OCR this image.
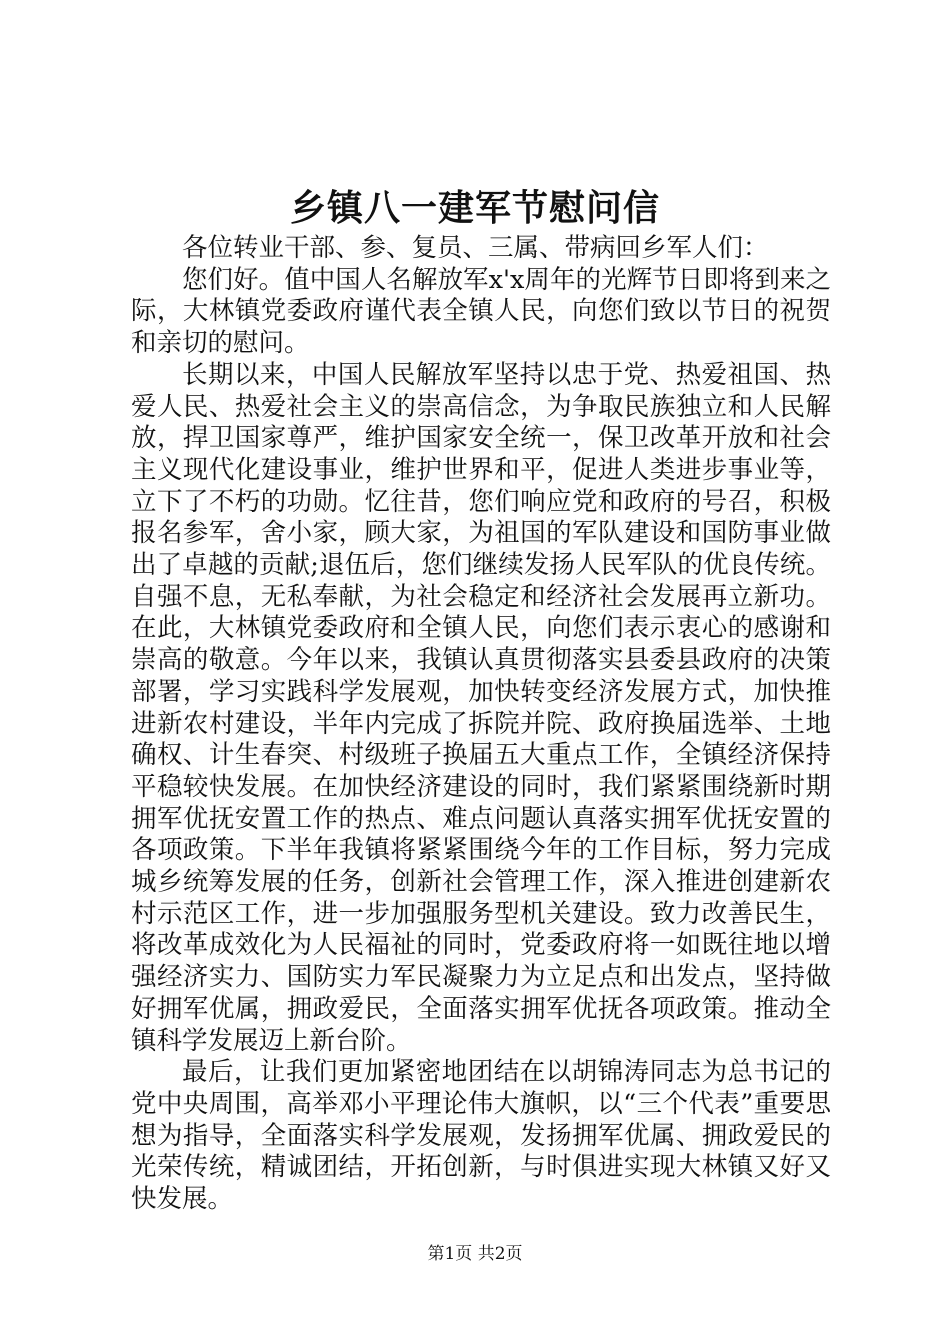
乡镇八一建军节慰问信

各位转业干部、参、复员、三属、带病回乡军人们：

您们好。值中国人名解放军x'x周年的光辉节日即将到来之际，大林镇党委政府谨代表全镇人民，向您们致以节日的祝贺和亲切的慰问。

长期以来，中国人民解放军坚持以忠于党、热爱祖国、热爱人民、热爱社会主义的崇高信念，为争取民族独立和人民解放，捍卫国家尊严，维护国家安全统一，保卫改革开放和社会主义现代化建设事业，维护世界和平，促进人类进步事业等，立下了不朽的功勋。忆往昔，您们响应党和政府的号召，积极报名参军，舍小家，顾大家，为祖国的军队建设和国防事业做出了卓越的贡献;退伍后，您们继续发扬人民军队的优良传统。自强不息，无私奉献，为社会稳定和经济社会发展再立新功。在此，大林镇党委政府和全镇人民，向您们表示衷心的感谢和崇高的敬意。今年以来，我镇认真贯彻落实县委县政府的决策部署，学习实践科学发展观，加快转变经济发展方式，加快推进新农村建设，半年内完成了拆院并院、政府换届选举、土地确权、计生春突、村级班子换届五大重点工作，全镇经济保持平稳较快发展。在加快经济建设的同时，我们紧紧围绕新时期拥军优抚安置工作的热点、难点问题认真落实拥军优抚安置的各项政策。下半年我镇将紧紧围绕今年的工作目标，努力完成城乡统筹发展的任务，创新社会管理工作，深入推进创建新农村示范区工作，进一步加强服务型机关建设。致力改善民生，将改革成效化为人民福祉的同时，党委政府将一如既往地以增强经济实力、国防实力军民凝聚力为立足点和出发点，坚持做好拥军优属，拥政爱民，全面落实拥军优抚各项政策。推动全镇科学发展迈上新台阶。

最后，让我们更加紧密地团结在以胡锦涛同志为总书记的党中央周围，高举邓小平理论伟大旗帜，以“三个代表”重要思想为指导，全面落实科学发展观，发扬拥军优属、拥政爱民的光荣传统，精诚团结，开拓创新，与时俱进实现大林镇又好又快发展。

第1页 共2页
